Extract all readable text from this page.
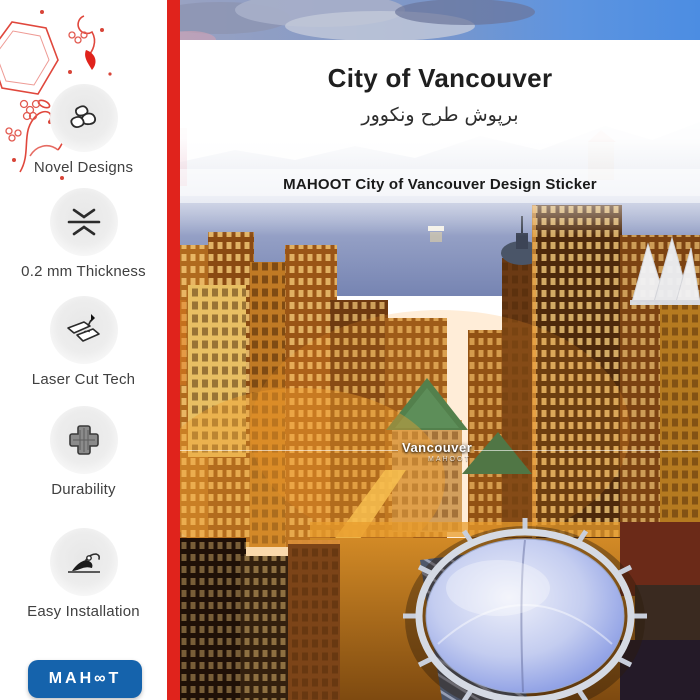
City of Vancouver
برپوش طرح ونکوور
MAHOOT City of Vancouver Design Sticker
Vancouver
MAHOOT
Novel Designs
0.2 mm Thickness
Laser Cut Tech
Durability
Easy Installation
MAH∞T
